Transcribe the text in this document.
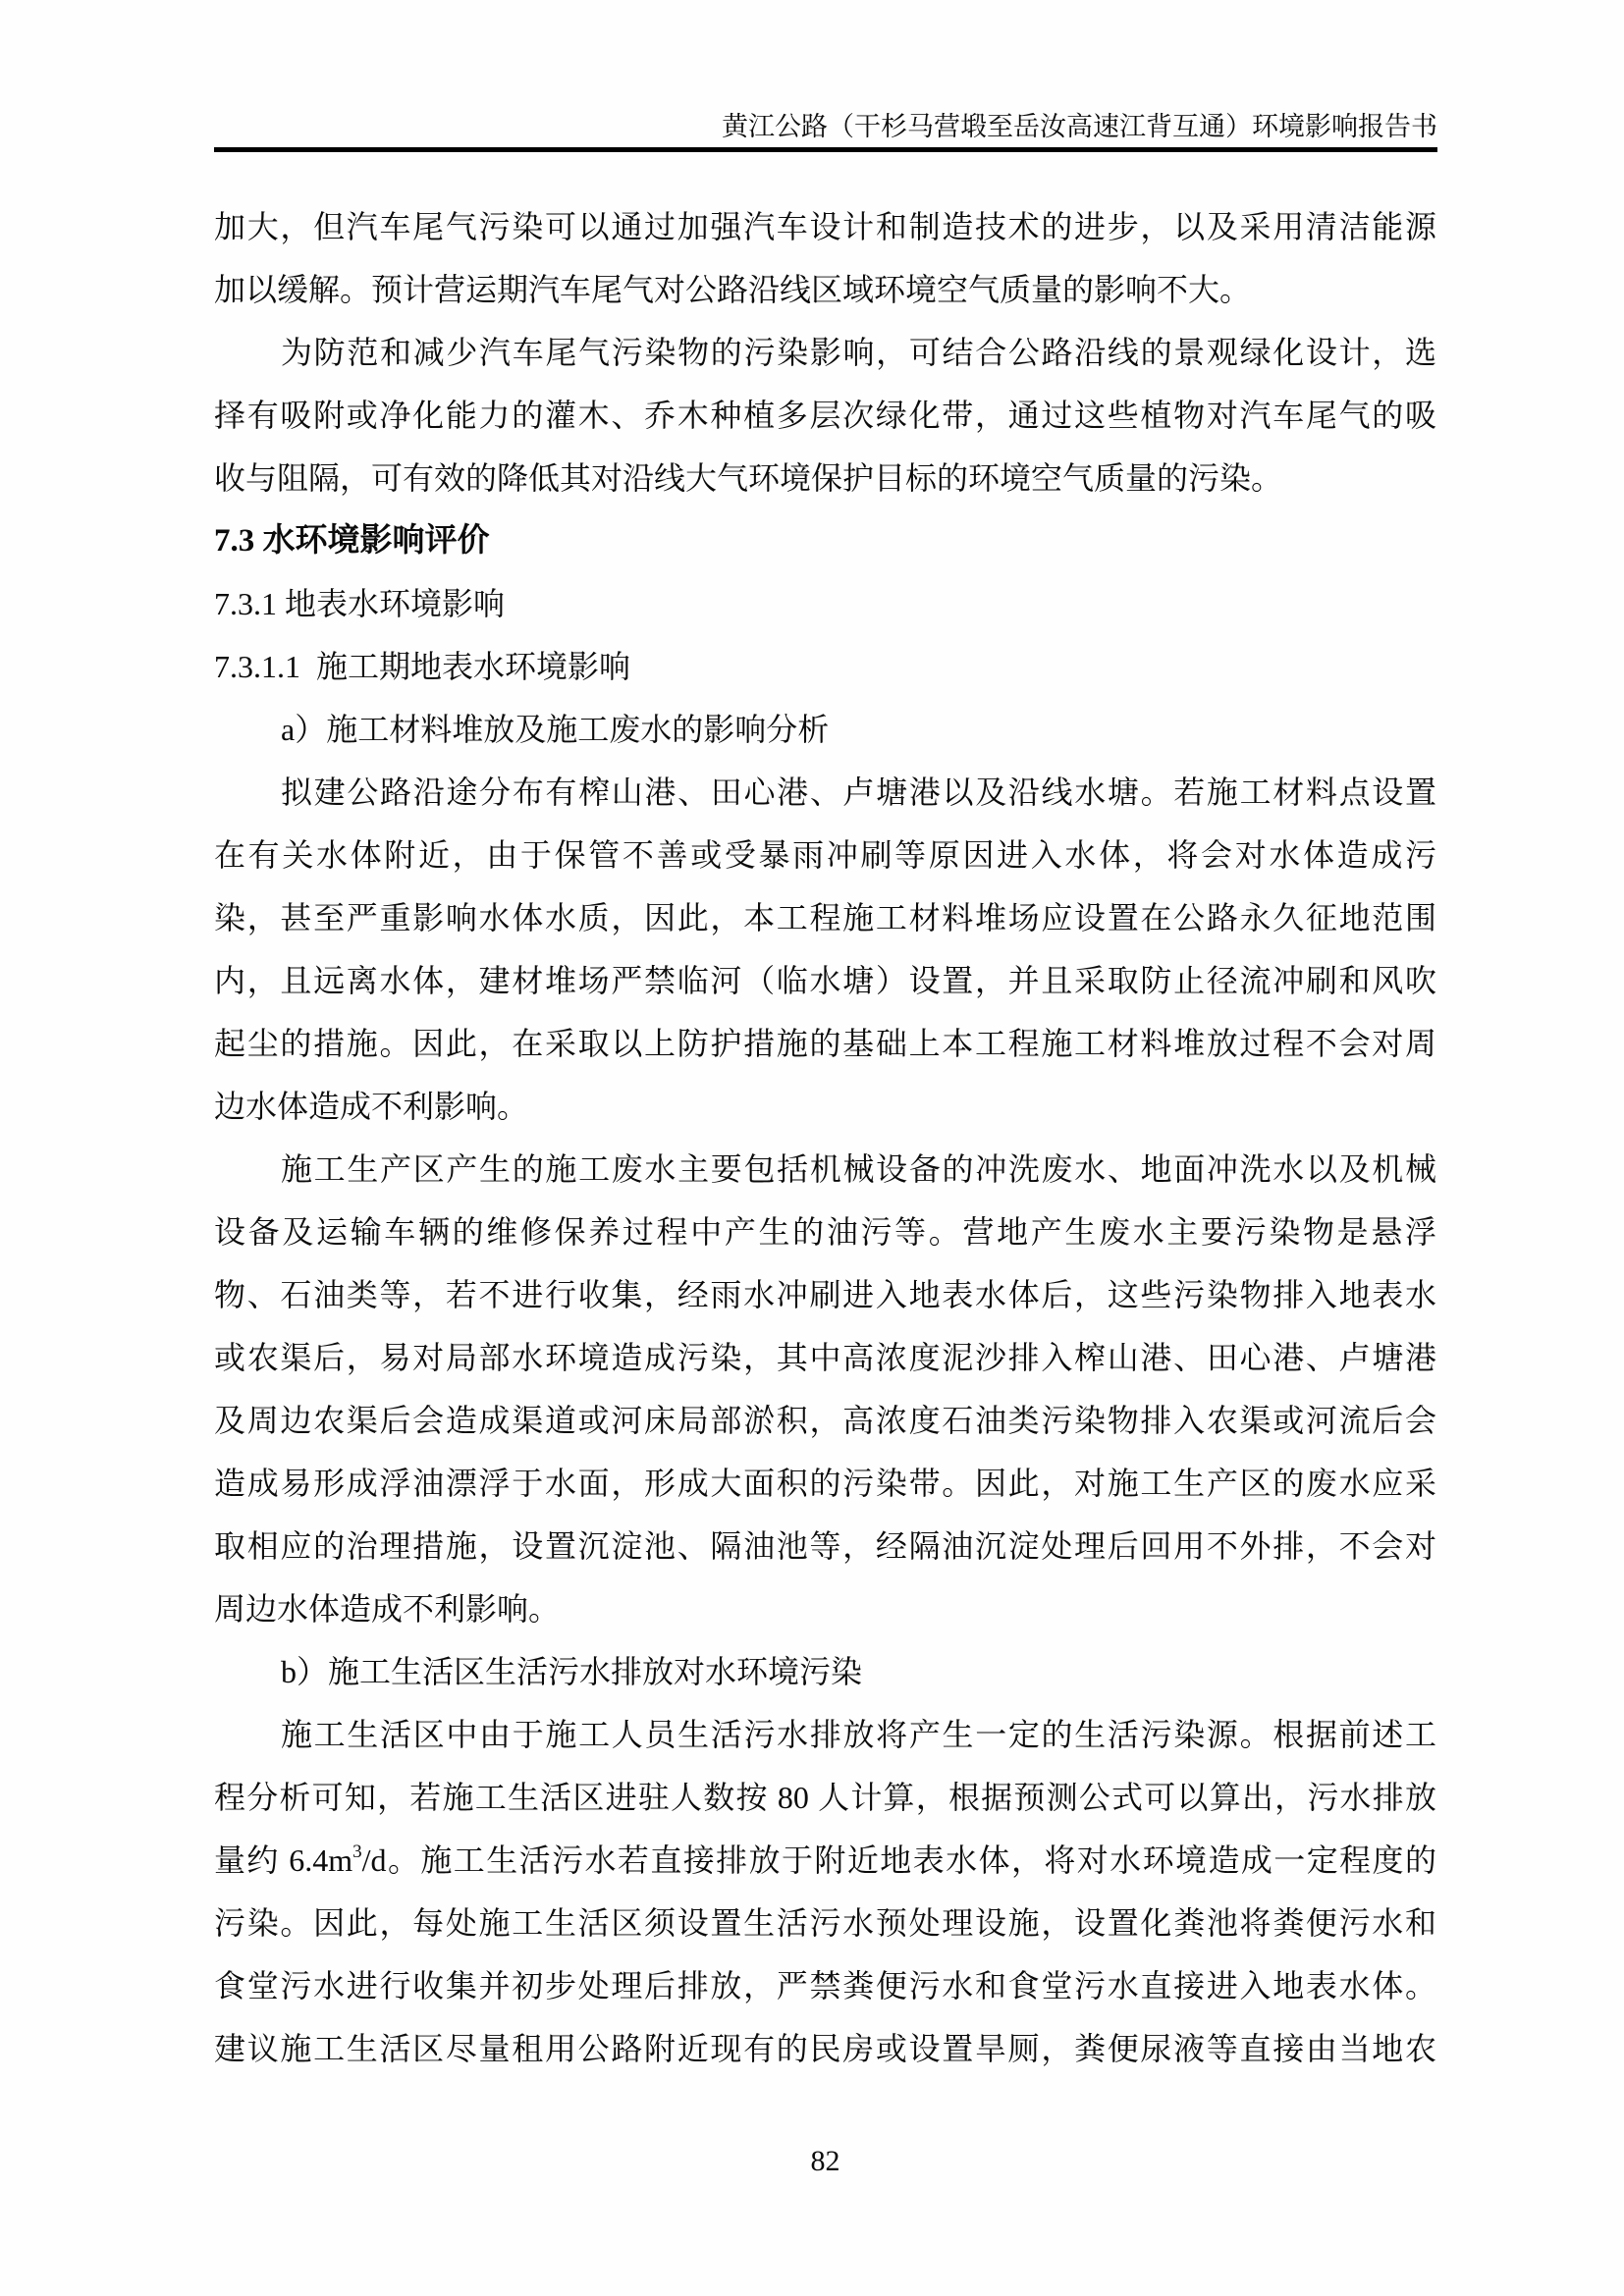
黄江公路（干杉马营塅至岳汝高速江背互通）环境影响报告书
加大，但汽车尾气污染可以通过加强汽车设计和制造技术的进步，以及采用清洁能源
加以缓解。预计营运期汽车尾气对公路沿线区域环境空气质量的影响不大。
为防范和减少汽车尾气污染物的污染影响，可结合公路沿线的景观绿化设计，选
择有吸附或净化能力的灌木、乔木种植多层次绿化带，通过这些植物对汽车尾气的吸
收与阻隔，可有效的降低其对沿线大气环境保护目标的环境空气质量的污染。
7.3 水环境影响评价
7.3.1 地表水环境影响
7.3.1.1  施工期地表水环境影响
a）施工材料堆放及施工废水的影响分析
拟建公路沿途分布有榨山港、田心港、卢塘港以及沿线水塘。若施工材料点设置
在有关水体附近，由于保管不善或受暴雨冲刷等原因进入水体，将会对水体造成污
染，甚至严重影响水体水质，因此，本工程施工材料堆场应设置在公路永久征地范围
内，且远离水体，建材堆场严禁临河（临水塘）设置，并且采取防止径流冲刷和风吹
起尘的措施。因此，在采取以上防护措施的基础上本工程施工材料堆放过程不会对周
边水体造成不利影响。
施工生产区产生的施工废水主要包括机械设备的冲洗废水、地面冲洗水以及机械
设备及运输车辆的维修保养过程中产生的油污等。营地产生废水主要污染物是悬浮
物、石油类等，若不进行收集，经雨水冲刷进入地表水体后，这些污染物排入地表水
或农渠后，易对局部水环境造成污染，其中高浓度泥沙排入榨山港、田心港、卢塘港
及周边农渠后会造成渠道或河床局部淤积，高浓度石油类污染物排入农渠或河流后会
造成易形成浮油漂浮于水面，形成大面积的污染带。因此，对施工生产区的废水应采
取相应的治理措施，设置沉淀池、隔油池等，经隔油沉淀处理后回用不外排，不会对
周边水体造成不利影响。
b）施工生活区生活污水排放对水环境污染
施工生活区中由于施工人员生活污水排放将产生一定的生活污染源。根据前述工
程分析可知，若施工生活区进驻人数按 80 人计算，根据预测公式可以算出，污水排放
量约 $6.4m^3/d$。施工生活污水若直接排放于附近地表水体，将对水环境造成一定程度的
污染。因此，每处施工生活区须设置生活污水预处理设施，设置化粪池将粪便污水和
食堂污水进行收集并初步处理后排放，严禁粪便污水和食堂污水直接进入地表水体。
建议施工生活区尽量租用公路附近现有的民房或设置旱厕，粪便尿液等直接由当地农
82
